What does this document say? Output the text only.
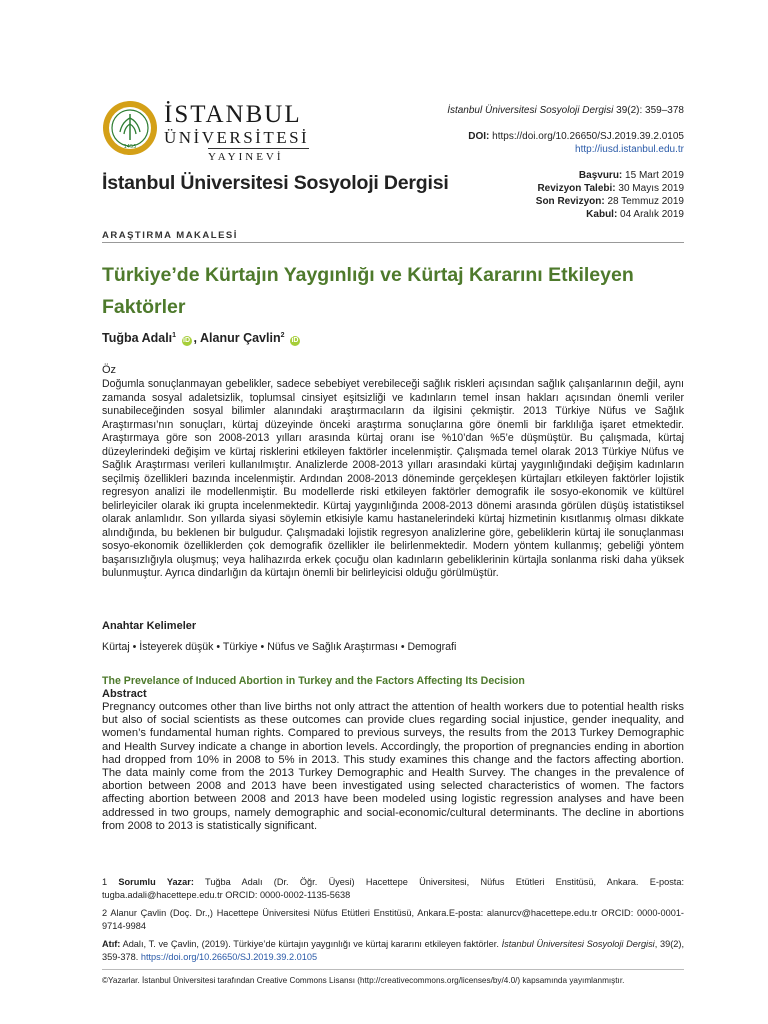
1453
İSTANBUL
ÜNİVERSİTESİ
YAYINEVİ
İstanbul Üniversitesi Sosyoloji Dergisi
İstanbul Üniversitesi Sosyoloji Dergisi 39(2): 359–378
DOI: https://doi.org/10.26650/SJ.2019.39.2.0105
http://iusd.istanbul.edu.tr
Başvuru: 15 Mart 2019
Revizyon Talebi: 30 Mayıs 2019
Son Revizyon: 28 Temmuz 2019
Kabul: 04 Aralık 2019
ARAŞTIRMA MAKALESİ
Türkiye’de Kürtajın Yaygınlığı ve Kürtaj Kararını Etkileyen Faktörler
Tuğba Adalı$^1$ iD , Alanur Çavlin$^2$ iD
Öz
Doğumla sonuçlanmayan gebelikler, sadece sebebiyet verebileceği sağlık riskleri açısından sağlık çalışanlarının değil, aynı zamanda sosyal adaletsizlik, toplumsal cinsiyet eşitsizliği ve kadınların temel insan hakları açısından önemli veriler sunabileceğinden sosyal bilimler alanındaki araştırmacıların da ilgisini çekmiştir. 2013 Türkiye Nüfus ve Sağlık Araştırması’nın sonuçları, kürtaj düzeyinde önceki araştırma sonuçlarına göre önemli bir farklılığa işaret etmektedir. Araştırmaya göre son 2008-2013 yılları arasında kürtaj oranı ise %10’dan %5’e düşmüştür. Bu çalışmada, kürtaj düzeylerindeki değişim ve kürtaj risklerini etkileyen faktörler incelenmiştir. Çalışmada temel olarak 2013 Türkiye Nüfus ve Sağlık Araştırması verileri kullanılmıştır. Analizlerde 2008-2013 yılları arasındaki kürtaj yaygınlığındaki değişim kadınların seçilmiş özellikleri bazında incelenmiştir. Ardından 2008-2013 döneminde gerçekleşen kürtajları etkileyen faktörler lojistik regresyon analizi ile modellenmiştir. Bu modellerde riski etkileyen faktörler demografik ile sosyo-ekonomik ve kültürel belirleyiciler olarak iki grupta incelenmektedir. Kürtaj yaygınlığında 2008-2013 dönemi arasında görülen düşüş istatistiksel olarak anlamlıdır. Son yıllarda siyasi söylemin etkisiyle kamu hastanelerindeki kürtaj hizmetinin kısıtlanmış olması dikkate alındığında, bu beklenen bir bulgudur. Çalışmadaki lojistik regresyon analizlerine göre, gebeliklerin kürtaj ile sonuçlanması sosyo-ekonomik özelliklerden çok demografik özellikler ile belirlenmektedir. Modern yöntem kullanmış; gebeliği yöntem başarısızlığıyla oluşmuş; veya halihazırda erkek çocuğu olan kadınların gebeliklerinin kürtajla sonlanma riski daha yüksek bulunmuştur. Ayrıca dindarlığın da kürtajın önemli bir belirleyicisi olduğu görülmüştür.
Anahtar Kelimeler
Kürtaj • İsteyerek düşük • Türkiye • Nüfus ve Sağlık Araştırması • Demografi
The Prevelance of Induced Abortion in Turkey and the Factors Affecting Its Decision
Abstract
Pregnancy outcomes other than live births not only attract the attention of health workers due to potential health risks but also of social scientists as these outcomes can provide clues regarding social injustice, gender inequality, and women’s fundamental human rights. Compared to previous surveys, the results from the 2013 Turkey Demographic and Health Survey indicate a change in abortion levels. Accordingly, the proportion of pregnancies ending in abortion had dropped from 10% in 2008 to 5% in 2013. This study examines this change and the factors affecting abortion. The data mainly come from the 2013 Turkey Demographic and Health Survey. The changes in the prevalence of abortion between 2008 and 2013 have been investigated using selected characteristics of women. The factors affecting abortion between 2008 and 2013 have been modeled using logistic regression analyses and have been addressed in two groups, namely demographic and social-economic/cultural determinants. The decline in abortions from 2008 to 2013 is statistically significant.
1 Sorumlu Yazar: Tuğba Adalı (Dr. Öğr. Üyesi) Hacettepe Üniversitesi, Nüfus Etütleri Enstitüsü, Ankara. E-posta: tugba.adali@hacettepe.edu.tr ORCID: 0000-0002-1135-5638
2 Alanur Çavlin (Doç. Dr.,) Hacettepe Üniversitesi Nüfus Etütleri Enstitüsü, Ankara.E-posta: alanurcv@hacettepe.edu.tr ORCID: 0000-0001-9714-9984
Atıf: Adalı, T. ve Çavlin, (2019). Türkiye’de kürtajın yaygınlığı ve kürtaj kararını etkileyen faktörler. İstanbul Üniversitesi Sosyoloji Dergisi, 39(2), 359-378. https://doi.org/10.26650/SJ.2019.39.2.0105
©Yazarlar. İstanbul Üniversitesi tarafından Creative Commons Lisansı (http://creativecommons.org/licenses/by/4.0/) kapsamında yayımlanmıştır.
